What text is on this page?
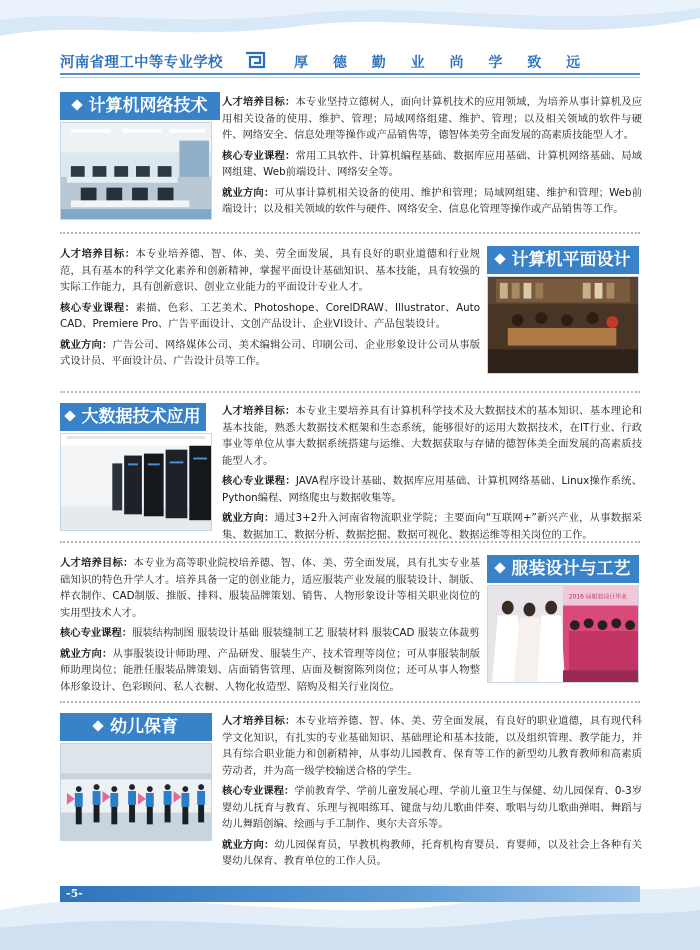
河南省理工中等专业学校	厚 德 勤 业 尚 学 致 远
计算机网络技术	人才培养目标：本专业坚持立德树人，面向计算机技术的应用领域，为培养从事计算机及应用相关设备的使用、维护、管理；局域网络组建、维护、管理；以及相关领域的软件与硬件、网络安全、信息处理等操作或产品销售等，德智体美劳全面发展的高素质技能型人才。

核心专业课程：常用工具软件、计算机编程基础、数据库应用基础、计算机网络基础、局域网组建、Web前端设计、网络安全等。

就业方向：可从事计算机相关设备的使用、维护和管理；局域网组建、维护和管理；Web前端设计；以及相关领域的软件与硬件、网络安全、信息化管理等操作或产品销售等工作。

计算机平面设计

人才培养目标：本专业培养德、智、体、美、劳全面发展，具有良好的职业道德和行业规范，具有基本的科学文化素养和创新精神，掌握平面设计基础知识、基本技能，具有较强的实际工作能力，具有创新意识、创业立业能力的平面设计专业人才。

核心专业课程：素描、色彩、工艺美术、Photoshope、CorelDRAW、Illustrator、Auto CAD、Premiere Pro、广告平面设计、文创产品设计、企业VI设计、产品包装设计。

就业方向：广告公司、网络媒体公司、美术编辑公司、印刷公司、企业形象设计公司从事版式设计员、平面设计员、广告设计员等工作。

大数据技术应用	人才培养目标：本专业主要培养具有计算机科学技术及大数据技术的基本知识、基本理论和基本技能，熟悉大数据技术框架和生态系统，能够很好的运用大数据技术，在IT行业、行政事业等单位从事大数据系统搭建与运维、大数据获取与存储的德智体美全面发展的高素质技能型人才。

核心专业课程：JAVA程序设计基础、数据库应用基础、计算机网络基础、Linux操作系统、Python编程、网络爬虫与数据收集等。

就业方向：通过3+2升入河南省物流职业学院；主要面向“互联网+”新兴产业，从事数据采集、数据加工、数据分析、数据挖掘、数据可视化、数据运维等相关岗位的工作。

服装设计与工艺
2016 届服装设计毕业

人才培养目标：本专业为高等职业院校培养德、智、体、美、劳全面发展，具有扎实专业基础知识的特色升学人才。培养具备一定的创业能力，适应服装产业发展的服装设计、制版、样衣制作、CAD制版、推版、排料、服装品牌策划、销售、人物形象设计等相关职业岗位的实用型技术人才。

核心专业课程：服装结构制图 服装设计基础 服装缝制工艺 服装材料 服装CAD 服装立体裁剪

就业方向：从事服装设计师助理、产品研发、服装生产、技术管理等岗位；可从事服装制版师助理岗位；能胜任服装品牌策划、店面销售管理、店面及橱窗陈列岗位；还可从事人物整体形象设计、色彩顾问、私人衣橱、人物化妆造型、陪购及相关行业岗位。

幼儿保育	人才培养目标：本专业培养德、智、体、美、劳全面发展，有良好的职业道德，具有现代科学文化知识，有扎实的专业基础知识、基础理论和基本技能，以及组织管理、教学能力，并具有综合职业能力和创新精神，从事幼儿园教育、保育等工作的新型幼儿教育教师和高素质劳动者，并为高一级学校输送合格的学生。

核心专业课程：学前教育学、学前儿童发展心理、学前儿童卫生与保健、幼儿园保育、0-3岁婴幼儿抚育与教育、乐理与视唱练耳、键盘与幼儿歌曲伴奏、歌唱与幼儿歌曲弹唱、舞蹈与幼儿舞蹈创编、绘画与手工制作、奥尔夫音乐等。

就业方向：幼儿园保育员，早教机构教师，托育机构育婴员、育婴师，以及社会上各种有关婴幼儿保育、教育单位的工作人员。

-5-
